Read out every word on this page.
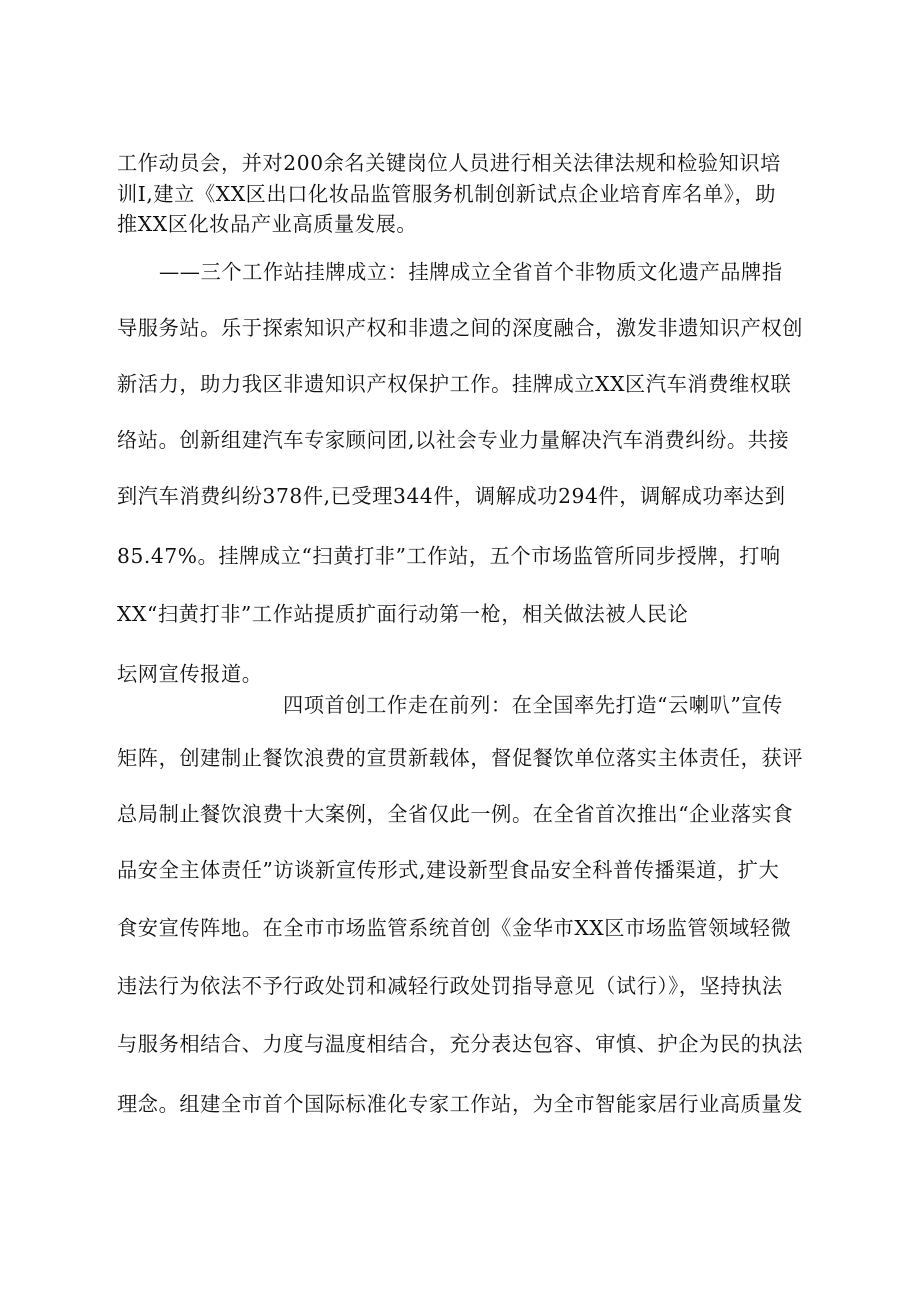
工作动员会，并对200余名关键岗位人员进行相关法律法规和检验知识培
训I,建立《XX区出口化妆品监管服务机制创新试点企业培育库名单》，助
推XX区化妆品产业高质量发展。
——三个工作站挂牌成立：挂牌成立全省首个非物质文化遗产品牌指
导服务站。乐于探索知识产权和非遗之间的深度融合，激发非遗知识产权创
新活力，助力我区非遗知识产权保护工作。挂牌成立XX区汽车消费维权联
络站。创新组建汽车专家顾问团,以社会专业力量解决汽车消费纠纷。共接
到汽车消费纠纷378件,已受理344件，调解成功294件，调解成功率达到
85.47%。挂牌成立“扫黄打非”工作站，五个市场监管所同步授牌，打响
XX“扫黄打非”工作站提质扩面行动第一枪，相关做法被人民论
坛网宣传报道。
四项首创工作走在前列：在全国率先打造“云喇叭”宣传
矩阵，创建制止餐饮浪费的宣贯新载体，督促餐饮单位落实主体责任，获评
总局制止餐饮浪费十大案例，全省仅此一例。在全省首次推出“企业落实食
品安全主体责任”访谈新宣传形式,建设新型食品安全科普传播渠道，扩大
食安宣传阵地。在全市市场监管系统首创《金华市XX区市场监管领域轻微
违法行为依法不予行政处罚和减轻行政处罚指导意见（试行）》，坚持执法
与服务相结合、力度与温度相结合，充分表达包容、审慎、护企为民的执法
理念。组建全市首个国际标准化专家工作站，为全市智能家居行业高质量发
